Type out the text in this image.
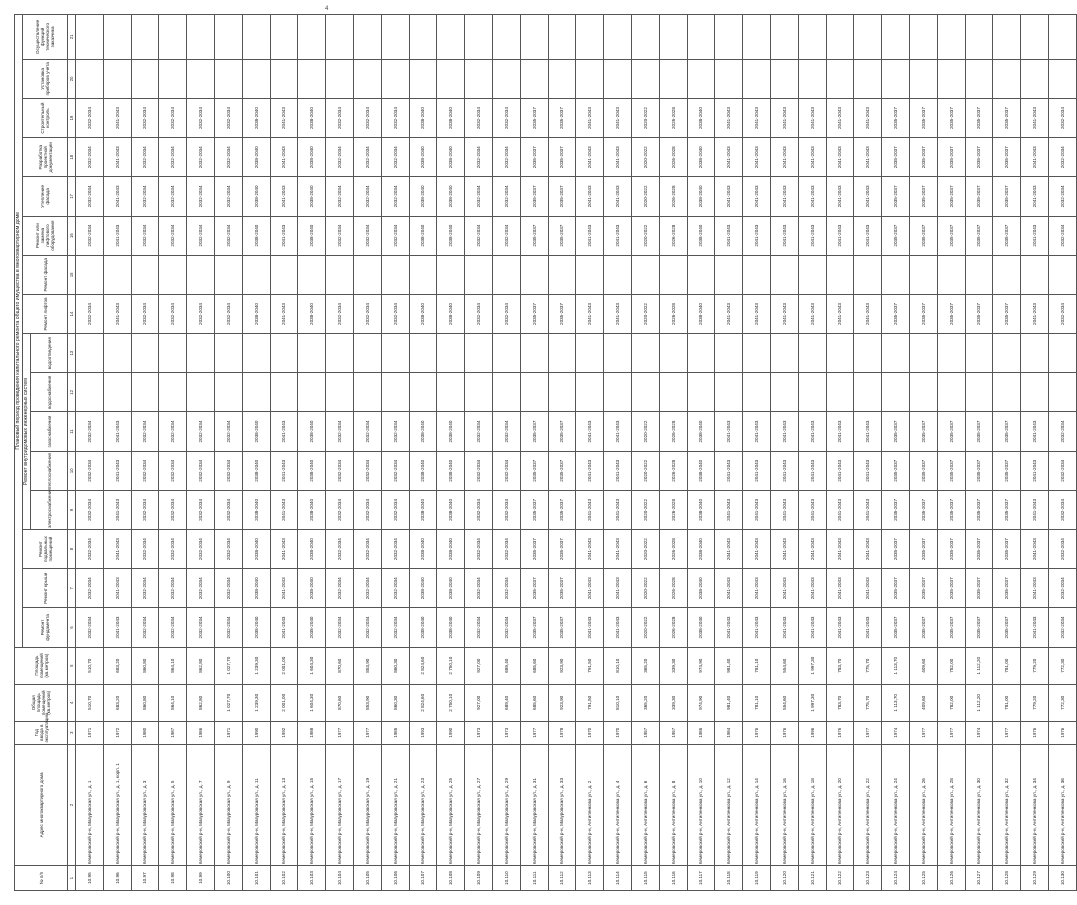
4
№ п/п	Адрес многоквартирного дома	Год ввода в эксплуатацию	Общая площадь помещений (кв.метров)	Площадь помещений (кв.метров)	Плановый период проведения капитального ремонта общего имущества в многоквартирном доме															
					Ремонт фундамента	Ремонт крыши	Ремонт подвальных помещений	Ремонт внутридомовых инженерных систем					Ремонт лифтов	Ремонт фасада	Ремонт или замена лифтового оборудования	Утепление фасада	Разработка проектной документации	Строительный контроль	Установка приборов учета	Осуществление функций технического заказчика
								электроснабжения	теплоснабжения	газоснабжения	водоснабжения	водоотведения								
1	2	3	4	5	6	7	8	9	10	11	12	13	14	15	16	17	18	19	20	21
10.95	Кемеровский р-н, Мазуровская ул., д. 1	1971	510,70	510,70	2032-2034	2032-2034	2032-2034	2032-2034	2032-2034	2032-2034			2032-2034		2032-2034	2032-2034	2032-2034	2032-2034		
10.96	Кемеровский р-н, Мазуровская ул., д. 1, корп. 1	1972	683,20	683,20	2041-2043	2041-2043	2041-2043	2041-2043	2041-2043	2041-2043			2041-2043		2041-2043	2041-2043	2041-2043	2041-2043		
10.97	Кемеровский р-н, Мазуровская ул., д. 3	1980	860,80	860,80	2032-2034	2032-2034	2032-2034	2032-2034	2032-2034	2032-2034			2032-2034		2032-2034	2032-2034	2032-2034	2032-2034		
10.98	Кемеровский р-н, Мазуровская ул., д. 5	1987	864,10	864,10	2032-2034	2032-2034	2032-2034	2032-2034	2032-2034	2032-2034			2032-2034		2032-2034	2032-2034	2032-2034	2032-2034		
10.99	Кемеровский р-н, Мазуровская ул., д. 7	1986	862,80	862,80	2032-2034	2032-2034	2032-2034	2032-2034	2032-2034	2032-2034			2032-2034		2032-2034	2032-2034	2032-2034	2032-2034		
10.100	Кемеровский р-н, Мазуровская ул., д. 9	1971	1 027,70	1 027,70	2032-2034	2032-2034	2032-2034	2032-2034	2032-2034	2032-2034			2032-2034		2032-2034	2032-2034	2032-2034	2032-2034		
10.101	Кемеровский р-н, Мазуровская ул., д. 11	1990	1 239,30	1 239,30	2038-2040	2038-2040	2038-2040	2038-2040	2038-2040	2038-2040			2038-2040		2038-2040	2038-2040	2038-2040	2038-2040		
10.102	Кемеровский р-н, Мазуровская ул., д. 13	1992	2 001,00	2 001,00	2041-2043	2041-2043	2041-2043	2041-2043	2041-2043	2041-2043			2041-2043		2041-2043	2041-2043	2041-2043	2041-2043		
10.103	Кемеровский р-н, Мазуровская ул., д. 15	1988	1 604,30	1 604,30	2038-2040	2038-2040	2038-2040	2038-2040	2038-2040	2038-2040			2038-2040		2038-2040	2038-2040	2038-2040	2038-2040		
10.104	Кемеровский р-н, Мазуровская ул., д. 17	1977	870,60	870,60	2032-2034	2032-2034	2032-2034	2032-2034	2032-2034	2032-2034			2032-2034		2032-2034	2032-2034	2032-2034	2032-2034		
10.105	Кемеровский р-н, Мазуровская ул., д. 19	1977	853,90	853,90	2032-2034	2032-2034	2032-2034	2032-2034	2032-2034	2032-2034			2032-2034		2032-2034	2032-2034	2032-2034	2032-2034		
10.106	Кемеровский р-н, Мазуровская ул., д. 21	1985	860,30	860,30	2032-2034	2032-2034	2032-2034	2032-2034	2032-2034	2032-2034			2032-2034		2032-2034	2032-2034	2032-2034	2032-2034		
10.107	Кемеровский р-н, Мазуровская ул., д. 23	1993	2 824,60	2 824,60	2038-2040	2038-2040	2038-2040	2038-2040	2038-2040	2038-2040			2038-2040		2038-2040	2038-2040	2038-2040	2038-2040		
10.108	Кемеровский р-н, Мазуровская ул., д. 25	1990	2 750,10	2 750,10	2038-2040	2038-2040	2038-2040	2038-2040	2038-2040	2038-2040			2038-2040		2038-2040	2038-2040	2038-2040	2038-2040		
10.109	Кемеровский р-н, Мазуровская ул., д. 27	1973	927,00	927,00	2032-2034	2032-2034	2032-2034	2032-2034	2032-2034	2032-2034			2032-2034		2032-2034	2032-2034	2032-2034	2032-2034		
10.110	Кемеровский р-н, Мазуровская ул., д. 29	1973	689,40	689,40	2032-2034	2032-2034	2032-2034	2032-2034	2032-2034	2032-2034			2032-2034		2032-2034	2032-2034	2032-2034	2032-2034		
10.111	Кемеровский р-н, Мазуровская ул., д. 31	1977	685,60	685,60	2035-2037	2035-2037	2035-2037	2035-2037	2035-2037	2035-2037			2035-2037		2035-2037	2035-2037	2035-2037	2035-2037		
10.112	Кемеровский р-н, Мазуровская ул., д. 33	1978	923,90	923,90	2035-2037	2035-2037	2035-2037	2035-2037	2035-2037	2035-2037			2035-2037		2035-2037	2035-2037	2035-2037	2035-2037		
10.113	Кемеровский р-н, Антипенкова ул., д. 2	1970	791,50	791,50	2041-2043	2041-2043	2041-2043	2041-2043	2041-2043	2041-2043			2041-2043		2041-2043	2041-2043	2041-2043	2041-2043		
10.114	Кемеровский р-н, Антипенкова ул., д. 4	1970	810,10	810,10	2041-2043	2041-2043	2041-2043	2041-2043	2041-2043	2041-2043			2041-2043		2041-2043	2041-2043	2041-2043	2041-2043		
10.115	Кемеровский р-н, Антипенкова ул., д. 6	1957	365,20	365,20	2020-2022	2020-2022	2020-2022	2020-2022	2020-2022	2020-2022			2020-2022		2020-2022	2020-2022	2020-2022	2020-2022		
10.116	Кемеровский р-н, Антипенкова ул., д. 8	1957	339,30	339,30	2026-2028	2026-2028	2026-2028	2026-2028	2026-2028	2026-2028			2026-2028		2026-2028	2026-2028	2026-2028	2026-2028		
10.117	Кемеровский р-н, Антипенкова ул., д. 10	1985	974,90	974,90	2038-2040	2038-2040	2038-2040	2038-2040	2038-2040	2038-2040			2038-2040		2038-2040	2038-2040	2038-2040	2038-2040		
10.118	Кемеровский р-н, Антипенкова ул., д. 12	1984	981,40	981,40	2041-2043	2041-2043	2041-2043	2041-2043	2041-2043	2041-2043			2041-2043		2041-2043	2041-2043	2041-2043	2041-2043		
10.119	Кемеровский р-н, Антипенкова ул., д. 14	1976	781,10	781,10	2041-2043	2041-2043	2041-2043	2041-2043	2041-2043	2041-2043			2041-2043		2041-2043	2041-2043	2041-2043	2041-2043		
10.120	Кемеровский р-н, Антипенкова ул., д. 16	1976	554,60	554,60	2041-2043	2041-2043	2041-2043	2041-2043	2041-2043	2041-2043			2041-2043		2041-2043	2041-2043	2041-2043	2041-2043		
10.121	Кемеровский р-н, Антипенкова ул., д. 18	1996	1 997,30	1 997,30	2041-2043	2041-2043	2041-2043	2041-2043	2041-2043	2041-2043			2041-2043		2041-2043	2041-2043	2041-2043	2041-2043		
10.122	Кемеровский р-н, Антипенкова ул., д. 20	1976	783,70	783,70	2041-2043	2041-2043	2041-2043	2041-2043	2041-2043	2041-2043			2041-2043		2041-2043	2041-2043	2041-2043	2041-2043		
10.123	Кемеровский р-н, Антипенкова ул., д. 22	1977	775,70	775,70	2041-2043	2041-2043	2041-2043	2041-2043	2041-2043	2041-2043			2041-2043		2041-2043	2041-2043	2041-2043	2041-2043		
10.124	Кемеровский р-н, Антипенкова ул., д. 24	1974	1 113,70	1 113,70	2035-2037	2035-2037	2035-2037	2035-2037	2035-2037	2035-2037			2035-2037		2035-2037	2035-2037	2035-2037	2035-2037		
10.125	Кемеровский р-н, Антипенкова ул., д. 26	1977	409,60	409,60	2035-2037	2035-2037	2035-2037	2035-2037	2035-2037	2035-2037			2035-2037		2035-2037	2035-2037	2035-2037	2035-2037		
10.126	Кемеровский р-н, Антипенкова ул., д. 28	1977	782,00	782,00	2035-2037	2035-2037	2035-2037	2035-2037	2035-2037	2035-2037			2035-2037		2035-2037	2035-2037	2035-2037	2035-2037		
10.127	Кемеровский р-н, Антипенкова ул., д. 30	1974	1 112,20	1 112,20	2035-2037	2035-2037	2035-2037	2035-2037	2035-2037	2035-2037			2035-2037		2035-2037	2035-2037	2035-2037	2035-2037		
10.128	Кемеровский р-н, Антипенкова ул., д. 32	1977	781,00	781,00	2035-2037	2035-2037	2035-2037	2035-2037	2035-2037	2035-2037			2035-2037		2035-2037	2035-2037	2035-2037	2035-2037		
10.129	Кемеровский р-н, Антипенкова ул., д. 34	1976	779,20	779,20	2041-2043	2041-2043	2041-2043	2041-2043	2041-2043	2041-2043			2041-2043		2041-2043	2041-2043	2041-2043	2041-2043		
10.130	Кемеровский р-н, Антипенкова ул., д. 36	1976	772,30	772,30	2032-2034	2032-2034	2032-2034	2032-2034	2032-2034	2032-2034			2032-2034		2032-2034	2032-2034	2032-2034	2032-2034		
